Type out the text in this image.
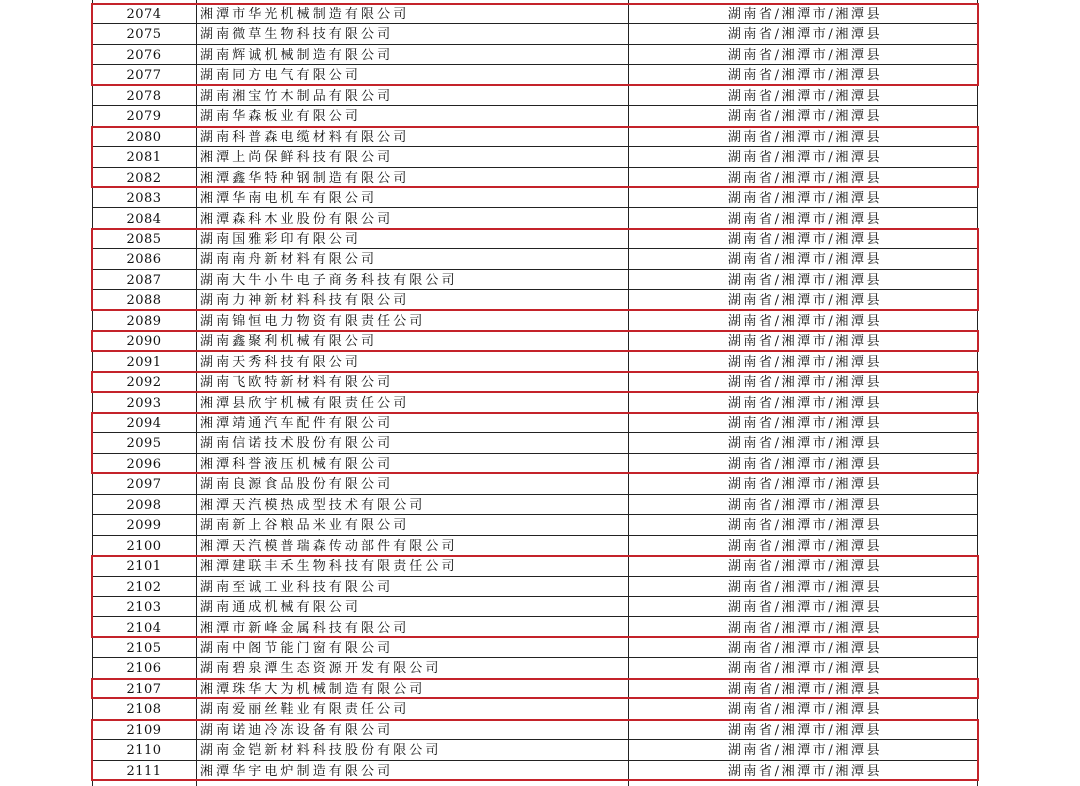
2074	湘潭市华光机械制造有限公司	湖南省/湘潭市/湘潭县
2075	湖南微草生物科技有限公司	湖南省/湘潭市/湘潭县
2076	湖南辉诚机械制造有限公司	湖南省/湘潭市/湘潭县
2077	湖南同方电气有限公司	湖南省/湘潭市/湘潭县
2078	湖南湘宝竹木制品有限公司	湖南省/湘潭市/湘潭县
2079	湖南华森板业有限公司	湖南省/湘潭市/湘潭县
2080	湖南科普森电缆材料有限公司	湖南省/湘潭市/湘潭县
2081	湘潭上尚保鲜科技有限公司	湖南省/湘潭市/湘潭县
2082	湘潭鑫华特种钢制造有限公司	湖南省/湘潭市/湘潭县
2083	湘潭华南电机车有限公司	湖南省/湘潭市/湘潭县
2084	湘潭森科木业股份有限公司	湖南省/湘潭市/湘潭县
2085	湖南国雅彩印有限公司	湖南省/湘潭市/湘潭县
2086	湖南南舟新材料有限公司	湖南省/湘潭市/湘潭县
2087	湖南大牛小牛电子商务科技有限公司	湖南省/湘潭市/湘潭县
2088	湖南力神新材料科技有限公司	湖南省/湘潭市/湘潭县
2089	湖南锦恒电力物资有限责任公司	湖南省/湘潭市/湘潭县
2090	湖南鑫聚利机械有限公司	湖南省/湘潭市/湘潭县
2091	湖南天秀科技有限公司	湖南省/湘潭市/湘潭县
2092	湖南飞欧特新材料有限公司	湖南省/湘潭市/湘潭县
2093	湘潭县欣宇机械有限责任公司	湖南省/湘潭市/湘潭县
2094	湘潭靖通汽车配件有限公司	湖南省/湘潭市/湘潭县
2095	湖南信诺技术股份有限公司	湖南省/湘潭市/湘潭县
2096	湘潭科誉液压机械有限公司	湖南省/湘潭市/湘潭县
2097	湖南良源食品股份有限公司	湖南省/湘潭市/湘潭县
2098	湘潭天汽模热成型技术有限公司	湖南省/湘潭市/湘潭县
2099	湖南新上谷粮品米业有限公司	湖南省/湘潭市/湘潭县
2100	湘潭天汽模普瑞森传动部件有限公司	湖南省/湘潭市/湘潭县
2101	湘潭建联丰禾生物科技有限责任公司	湖南省/湘潭市/湘潭县
2102	湖南至诚工业科技有限公司	湖南省/湘潭市/湘潭县
2103	湖南通成机械有限公司	湖南省/湘潭市/湘潭县
2104	湘潭市新峰金属科技有限公司	湖南省/湘潭市/湘潭县
2105	湖南中阁节能门窗有限公司	湖南省/湘潭市/湘潭县
2106	湖南碧泉潭生态资源开发有限公司	湖南省/湘潭市/湘潭县
2107	湘潭珠华大为机械制造有限公司	湖南省/湘潭市/湘潭县
2108	湖南爱丽丝鞋业有限责任公司	湖南省/湘潭市/湘潭县
2109	湖南诺迪冷冻设备有限公司	湖南省/湘潭市/湘潭县
2110	湖南金铠新材料科技股份有限公司	湖南省/湘潭市/湘潭县
2111	湘潭华宇电炉制造有限公司	湖南省/湘潭市/湘潭县
